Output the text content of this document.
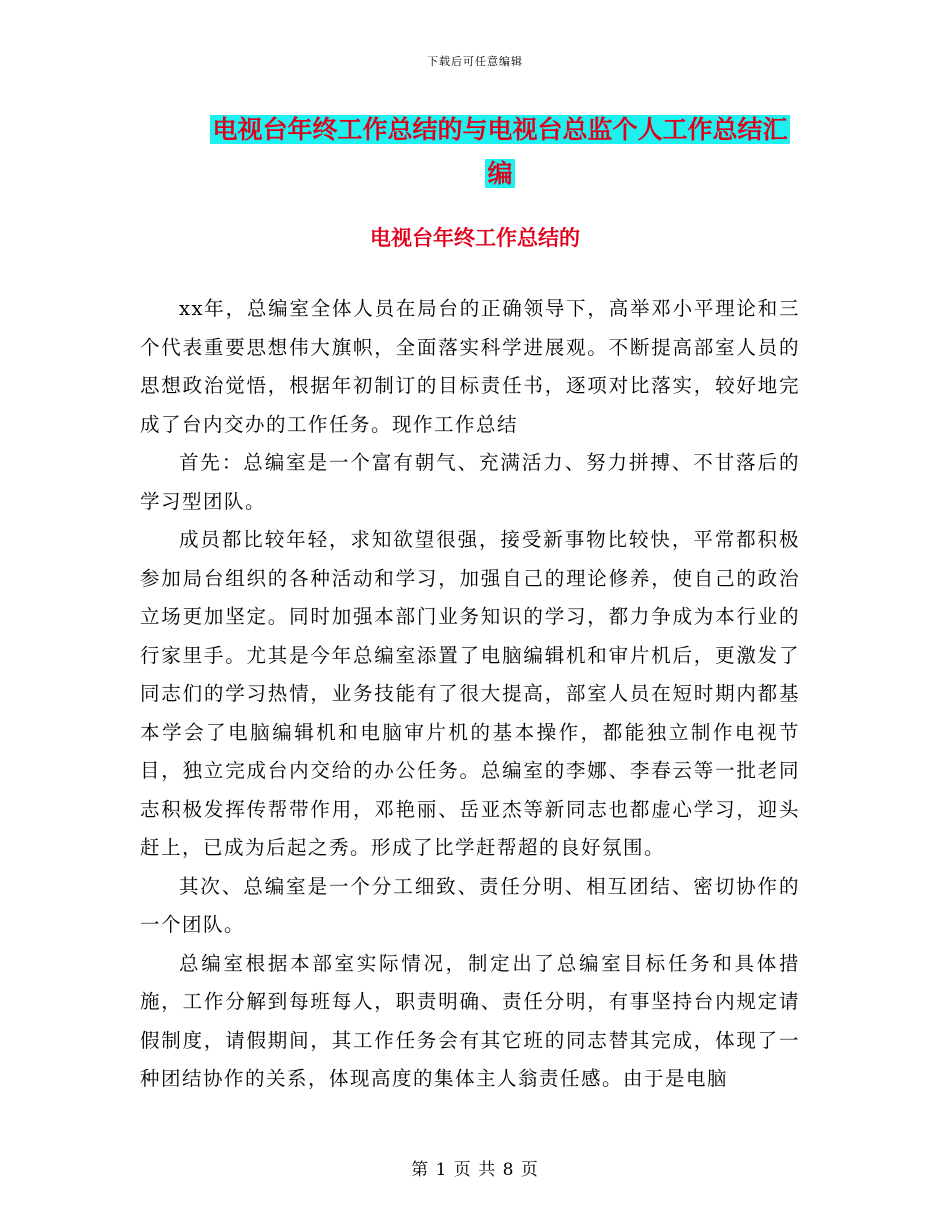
下载后可任意编辑
电视台年终工作总结的与电视台总监个人工作总结汇
编
电视台年终工作总结的

xx年，总编室全体人员在局台的正确领导下，高举邓小平理论和三个代表重要思想伟大旗帜，全面落实科学进展观。不断提高部室人员的思想政治觉悟，根据年初制订的目标责任书，逐项对比落实，较好地完成了台内交办的工作任务。现作工作总结

首先：总编室是一个富有朝气、充满活力、努力拼搏、不甘落后的学习型团队。

成员都比较年轻，求知欲望很强，接受新事物比较快，平常都积极参加局台组织的各种活动和学习，加强自己的理论修养，使自己的政治立场更加坚定。同时加强本部门业务知识的学习，都力争成为本行业的行家里手。尤其是今年总编室添置了电脑编辑机和审片机后，更激发了同志们的学习热情，业务技能有了很大提高，部室人员在短时期内都基本学会了电脑编辑机和电脑审片机的基本操作，都能独立制作电视节目，独立完成台内交给的办公任务。总编室的李娜、李春云等一批老同志积极发挥传帮带作用，邓艳丽、岳亚杰等新同志也都虚心学习，迎头赶上，已成为后起之秀。形成了比学赶帮超的良好氛围。

其次、总编室是一个分工细致、责任分明、相互团结、密切协作的一个团队。

总编室根据本部室实际情况，制定出了总编室目标任务和具体措施，工作分解到每班每人，职责明确、责任分明，有事坚持台内规定请假制度，请假期间，其工作任务会有其它班的同志替其完成，体现了一种团结协作的关系，体现高度的集体主人翁责任感。由于是电脑

第 1 页 共 8 页
